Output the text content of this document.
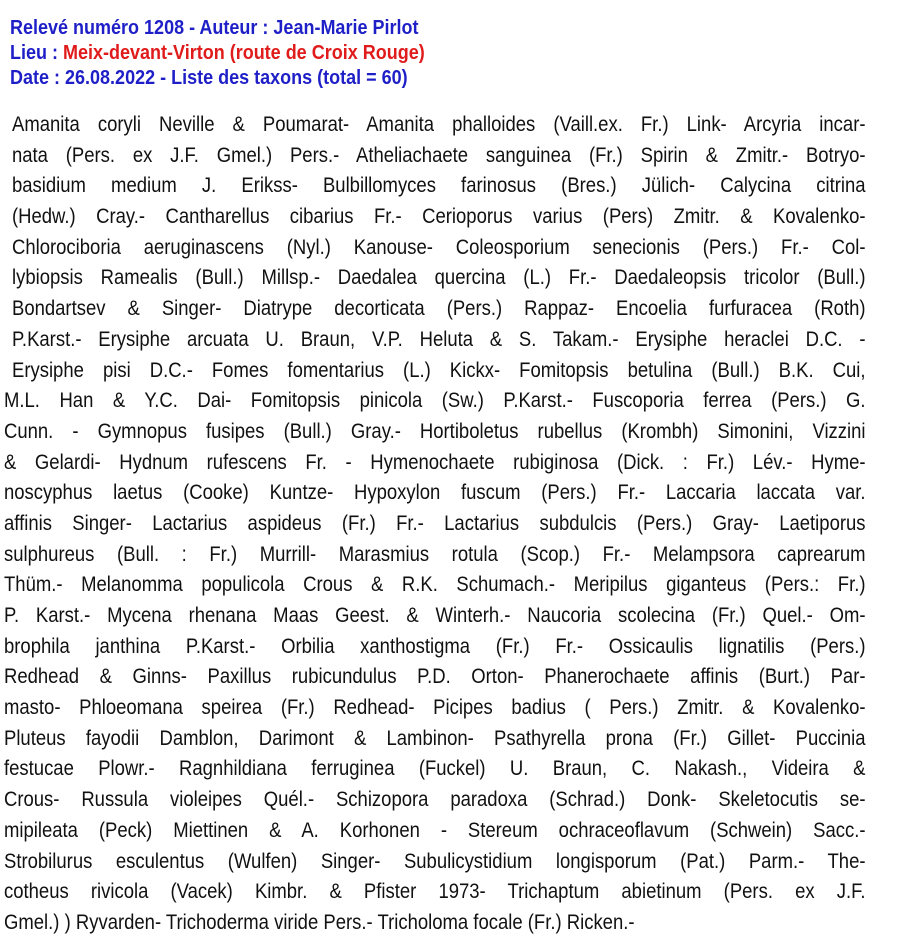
Relevé numéro 1208 - Auteur : Jean-Marie Pirlot
Lieu : Meix-devant-Virton (route de Croix Rouge)
Date : 26.08.2022 - Liste des taxons (total = 60)
Amanita coryli Neville & Poumarat- Amanita phalloides (Vaill.ex. Fr.) Link- Arcyria incar-
nata (Pers. ex J.F. Gmel.) Pers.- Atheliachaete sanguinea (Fr.) Spirin & Zmitr.- Botryo-
basidium medium J. Erikss- Bulbillomyces farinosus (Bres.) Jülich- Calycina citrina
(Hedw.) Cray.- Cantharellus cibarius Fr.- Cerioporus varius (Pers) Zmitr. & Kovalenko-
Chlorociboria aeruginascens (Nyl.) Kanouse- Coleosporium senecionis (Pers.) Fr.- Col-
lybiopsis Ramealis (Bull.) Millsp.- Daedalea quercina (L.) Fr.- Daedaleopsis tricolor (Bull.)
Bondartsev & Singer- Diatrype decorticata (Pers.) Rappaz- Encoelia furfuracea (Roth)
P.Karst.- Erysiphe arcuata U. Braun, V.P. Heluta & S. Takam.- Erysiphe heraclei D.C. -
Erysiphe pisi D.C.- Fomes fomentarius (L.) Kickx- Fomitopsis betulina (Bull.) B.K. Cui,
M.L. Han & Y.C. Dai- Fomitopsis pinicola (Sw.) P.Karst.- Fuscoporia ferrea (Pers.) G.
Cunn. - Gymnopus fusipes (Bull.) Gray.- Hortiboletus rubellus (Krombh) Simonini, Vizzini
& Gelardi- Hydnum rufescens Fr. - Hymenochaete rubiginosa (Dick. : Fr.) Lév.- Hyme-
noscyphus laetus (Cooke) Kuntze- Hypoxylon fuscum (Pers.) Fr.- Laccaria laccata var.
affinis Singer- Lactarius aspideus (Fr.) Fr.- Lactarius subdulcis (Pers.) Gray- Laetiporus
sulphureus (Bull. : Fr.) Murrill- Marasmius rotula (Scop.) Fr.- Melampsora caprearum
Thüm.- Melanomma populicola Crous & R.K. Schumach.- Meripilus giganteus (Pers.: Fr.)
P. Karst.- Mycena rhenana Maas Geest. & Winterh.- Naucoria scolecina (Fr.) Quel.- Om-
brophila janthina P.Karst.- Orbilia xanthostigma (Fr.) Fr.- Ossicaulis lignatilis (Pers.)
Redhead & Ginns- Paxillus rubicundulus P.D. Orton- Phanerochaete affinis (Burt.) Par-
masto- Phloeomana speirea (Fr.) Redhead- Picipes badius ( Pers.) Zmitr. & Kovalenko-
Pluteus fayodii Damblon, Darimont & Lambinon- Psathyrella prona (Fr.) Gillet- Puccinia
festucae Plowr.- Ragnhildiana ferruginea (Fuckel) U. Braun, C. Nakash., Videira &
Crous- Russula violeipes Quél.- Schizopora paradoxa (Schrad.) Donk- Skeletocutis se-
mipileata (Peck) Miettinen & A. Korhonen - Stereum ochraceoflavum (Schwein) Sacc.-
Strobilurus esculentus (Wulfen) Singer- Subulicystidium longisporum (Pat.) Parm.- The-
cotheus rivicola (Vacek) Kimbr. & Pfister 1973- Trichaptum abietinum (Pers. ex J.F.
Gmel.) ) Ryvarden- Trichoderma viride Pers.- Tricholoma focale (Fr.) Ricken.-
